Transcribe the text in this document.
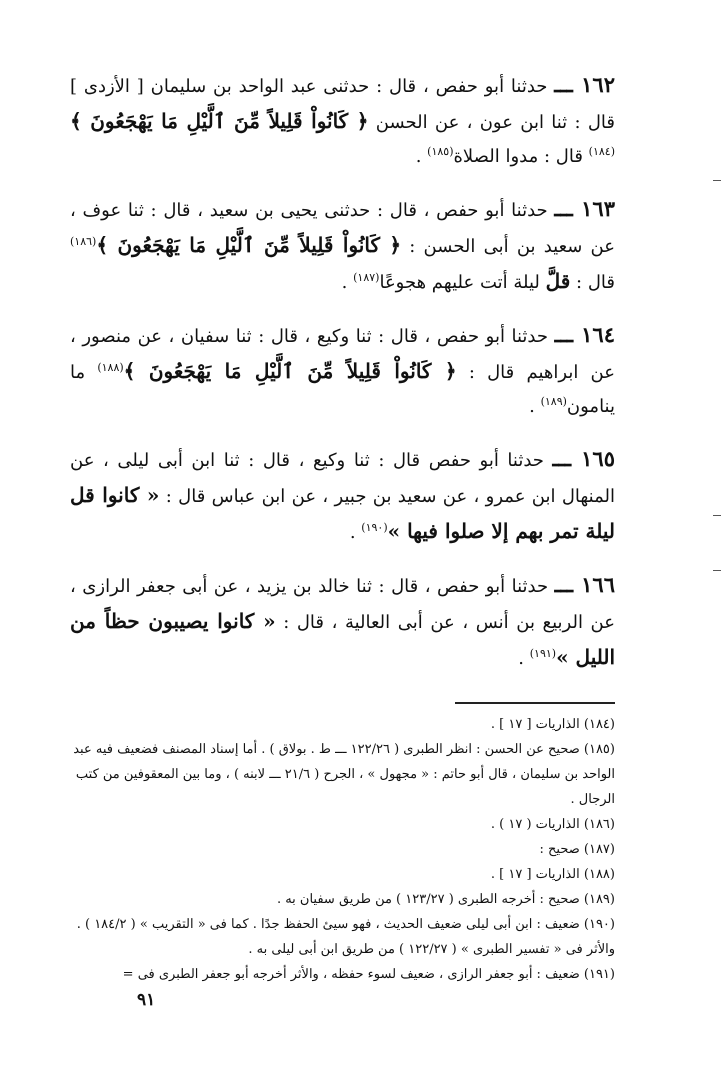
١٦٢ ـــ حدثنا أبو حفص ، قال : حدثنى عبد الواحد بن سليمان [ الأزدى ] قال : ثنا ابن عون ، عن الحسن ﴿ كَانُواْ قَلِيلاً مِّنَ ٱلَّيْلِ مَا يَهْجَعُونَ ﴾$^{(١٨٤)}$ قال : مدوا الصلاة$^{(١٨٥)}$ .

١٦٣ ـــ حدثنا أبو حفص ، قال : حدثنى يحيى بن سعيد ، قال : ثنا عوف ، عن سعيد بن أبى الحسن : ﴿ كَانُواْ قَلِيلاً مِّنَ ٱلَّيْلِ مَا يَهْجَعُونَ ﴾$^{(١٨٦)}$ قال : قلَّ ليلة أتت عليهم هجوعًا$^{(١٨٧)}$ .

١٦٤ ـــ حدثنا أبو حفص ، قال : ثنا وكيع ، قال : ثنا سفيان ، عن منصور ، عن ابراهيم قال : ﴿ كَانُواْ قَلِيلاً مِّنَ ٱلَّيْلِ مَا يَهْجَعُونَ ﴾$^{(١٨٨)}$ ما ينامون$^{(١٨٩)}$ .

١٦٥ ـــ حدثنا أبو حفص قال : ثنا وكيع ، قال : ثنا ابن أبى ليلى ، عن المنهال ابن عمرو ، عن سعيد بن جبير ، عن ابن عباس قال : « كانوا قل ليلة تمر بهم إلا صلوا فيها »$^{(١٩٠)}$ .

١٦٦ ـــ حدثنا أبو حفص ، قال : ثنا خالد بن يزيد ، عن أبى جعفر الرازى ، عن الربيع بن أنس ، عن أبى العالية ، قال : « كانوا يصيبون حظاً من الليل »$^{(١٩١)}$ .

(١٨٤) الذاريات [ ١٧ ] .

(١٨٥) صحيح عن الحسن : انظر الطبرى ( ١٢٢/٢٦ ـــ ط . بولاق ) . أما إسناد المصنف فضعيف فيه عبد الواحد بن سليمان ، قال أبو حاتم : « مجهول » ، الجرح ( ٢١/٦ ـــ لابنه ) ، وما بين المعقوفين من كتب الرجال .

(١٨٦) الذاريات ( ١٧ ) .

(١٨٧) صحيح :

(١٨٨) الذاريات [ ١٧ ] .

(١٨٩) صحيح : أخرجه الطبرى ( ١٢٣/٢٧ ) من طريق سفيان به .

(١٩٠) ضعيف : ابن أبى ليلى ضعيف الحديث ، فهو سيئ الحفظ جدًا . كما فى « التقريب » ( ١٨٤/٢ ) . والأثر فى « تفسير الطبرى » ( ١٢٢/٢٧ ) من طريق ابن أبى ليلى به .

(١٩١) ضعيف : أبو جعفر الرازى ، ضعيف لسوء حفظه ، والأثر أخرجه أبو جعفر الطبرى فى =

٩١
